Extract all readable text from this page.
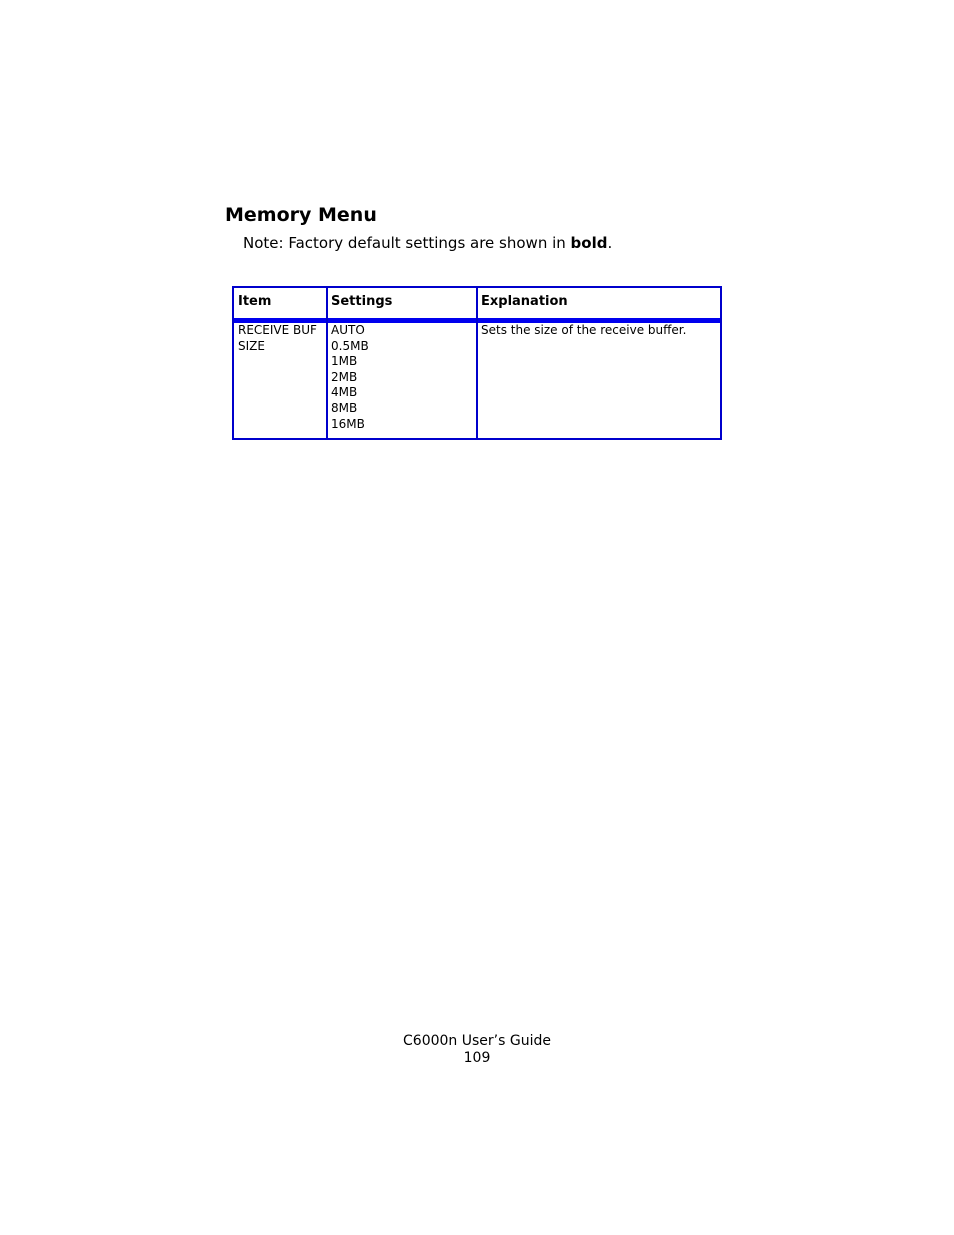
Memory Menu
Note: Factory default settings are shown in bold.
Item	Settings	Explanation
RECEIVE BUF
SIZE
AUTO
0.5MB
1MB
2MB
4MB
8MB
16MB
Sets the size of the receive buffer.
C6000n User’s Guide
109
